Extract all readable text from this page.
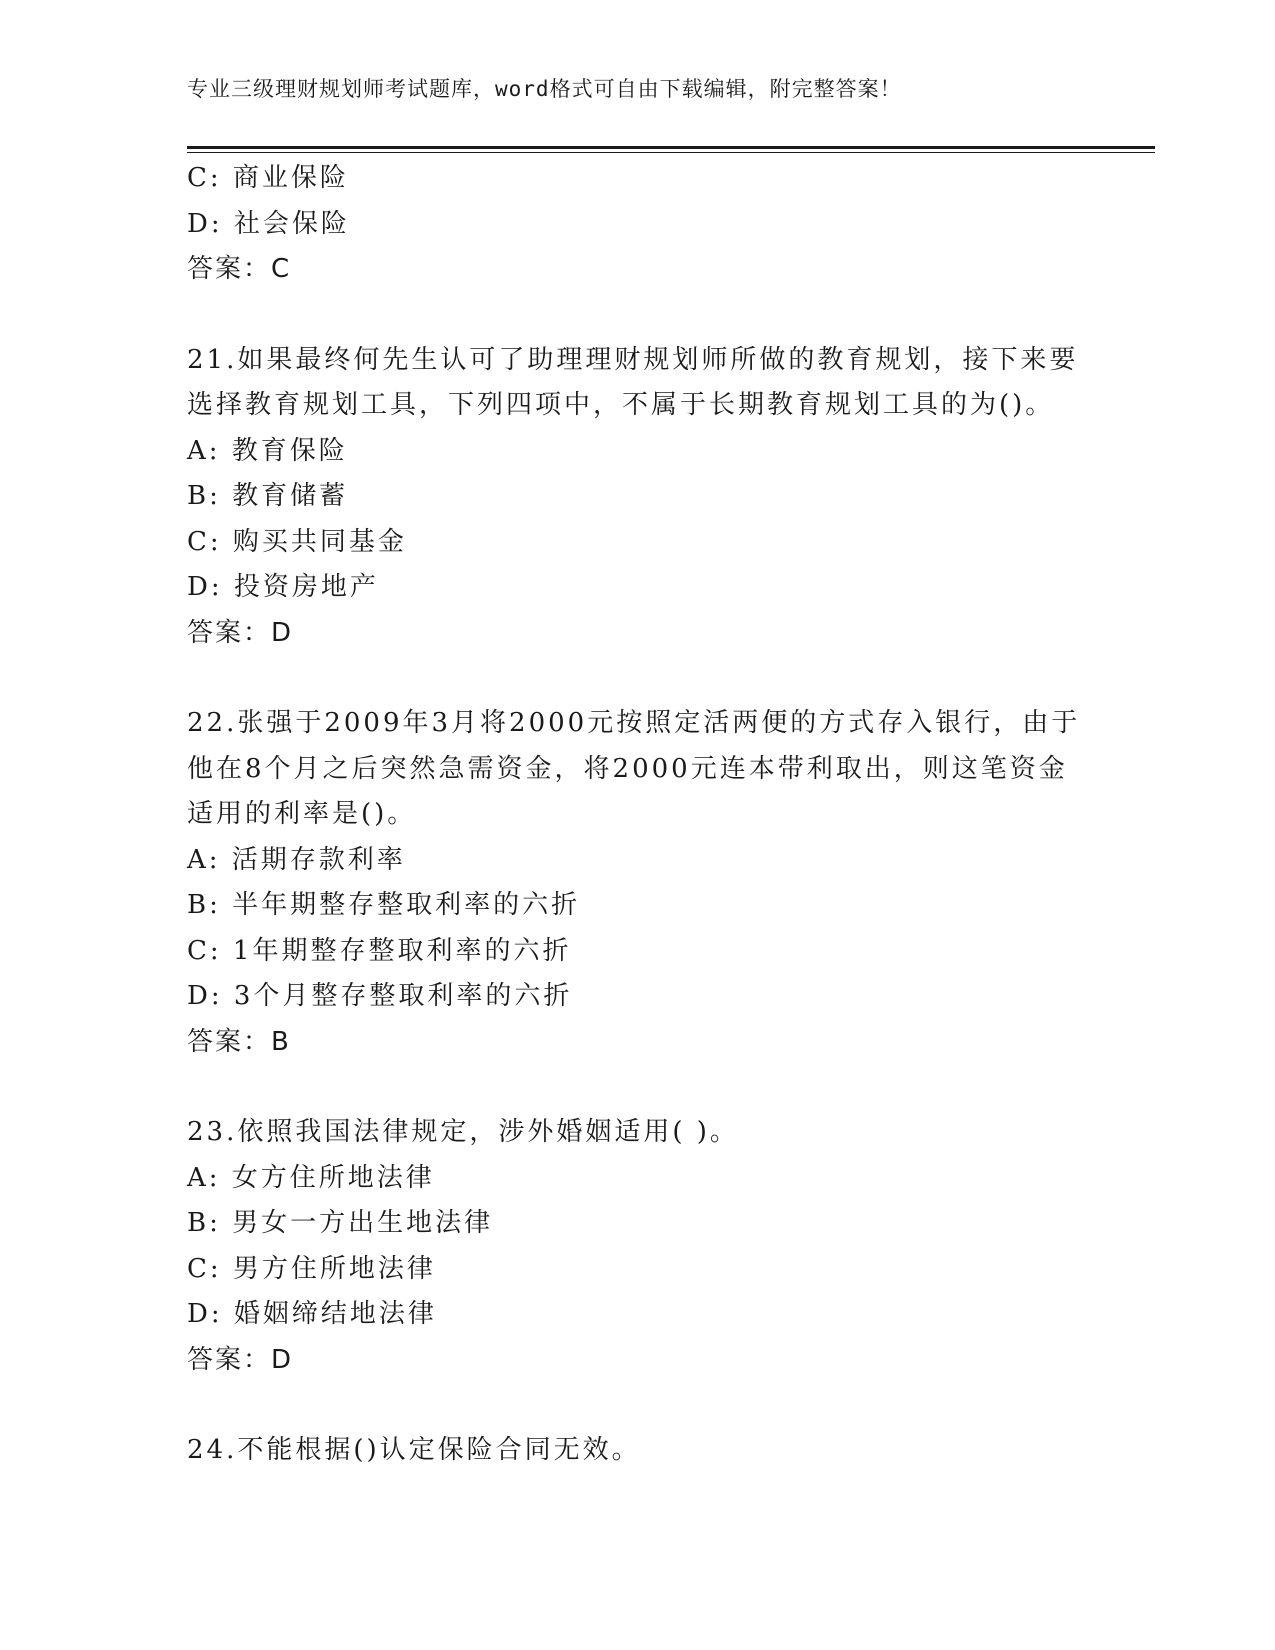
专业三级理财规划师考试题库，word格式可自由下载编辑，附完整答案！
C: 商业保险
D: 社会保险
答案：C
21.如果最终何先生认可了助理理财规划师所做的教育规划，接下来要
选择教育规划工具，下列四项中，不属于长期教育规划工具的为()。
A: 教育保险
B: 教育储蓄
C: 购买共同基金
D: 投资房地产
答案：D
22.张强于2009年3月将2000元按照定活两便的方式存入银行，由于
他在8个月之后突然急需资金，将2000元连本带利取出，则这笔资金
适用的利率是()。
A: 活期存款利率
B: 半年期整存整取利率的六折
C: 1年期整存整取利率的六折
D: 3个月整存整取利率的六折
答案：B
23.依照我国法律规定，涉外婚姻适用( )。
A: 女方住所地法律
B: 男女一方出生地法律
C: 男方住所地法律
D: 婚姻缔结地法律
答案：D
24.不能根据()认定保险合同无效。
